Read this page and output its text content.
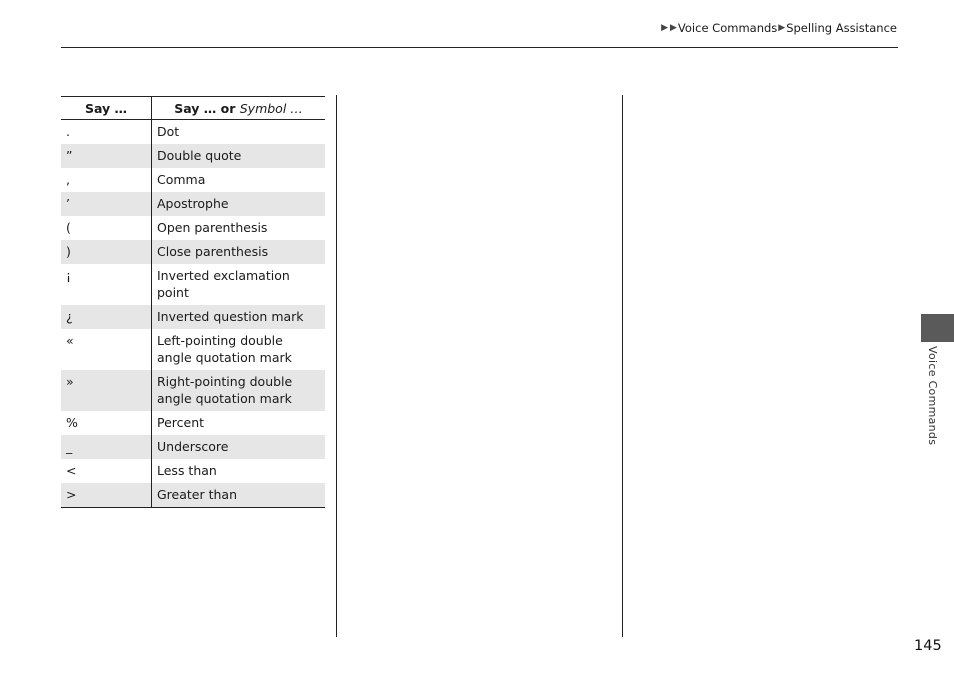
▶ ▶ Voice Commands ▶ Spelling Assistance
Say …	Say … or Symbol …
.	Dot
”	Double quote
,	Comma
’	Apostrophe
(	Open parenthesis
)	Close parenthesis
¡	Inverted exclamation point
¿	Inverted question mark
«	Left-pointing double angle quotation mark
»	Right-pointing double angle quotation mark
%	Percent
_	Underscore
<	Less than
>	Greater than
Voice Commands
145
